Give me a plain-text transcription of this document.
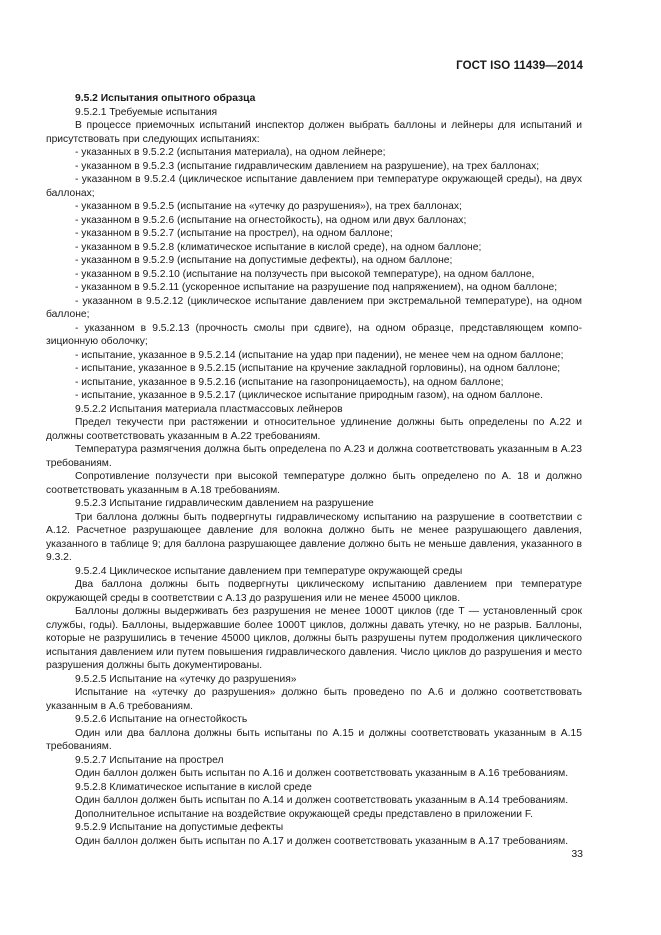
ГОСТ ISO 11439—2014

9.5.2 Испытания опытного образца

9.5.2.1 Требуемые испытания

В процессе приемочных испытаний инспектор должен выбрать баллоны и лейнеры для испытаний и присутствовать при следующих испытаниях:

- указанных в 9.5.2.2 (испытания материала), на одном лейнере;

- указанном в 9.5.2.3 (испытание гидравлическим давлением на разрушение), на трех баллонах;

- указанном в 9.5.2.4 (циклическое испытание давлением при температуре окружающей среды), на двух баллонах;

- указанном в 9.5.2.5 (испытание на «утечку до разрушения»), на трех баллонах;

- указанном в 9.5.2.6 (испытание на огнестойкость), на одном или двух баллонах;

- указанном в 9.5.2.7 (испытание на прострел), на одном баллоне;

- указанном в 9.5.2.8 (климатическое испытание в кислой среде), на одном баллоне;

- указанном в 9.5.2.9 (испытание на допустимые дефекты), на одном баллоне;

- указанном в 9.5.2.10 (испытание на ползучесть при высокой температуре), на одном баллоне,

- указанном в 9.5.2.11 (ускоренное испытание на разрушение под напряжением), на одном баллоне;

- указанном в 9.5.2.12 (циклическое испытание давлением при экстремальной температуре), на одном баллоне;

- указанном в 9.5.2.13 (прочность смолы при сдвиге), на одном образце, представляющем композиционную оболочку;

- испытание, указанное в 9.5.2.14 (испытание на удар при падении), не менее чем на одном баллоне;

- испытание, указанное в 9.5.2.15 (испытание на кручение закладной горловины), на одном баллоне;

- испытание, указанное в 9.5.2.16 (испытание на газопроницаемость), на одном баллоне;

- испытание, указанное в 9.5.2.17 (циклическое испытание природным газом), на одном баллоне.

9.5.2.2 Испытания материала пластмассовых лейнеров

Предел текучести при растяжении и относительное удлинение должны быть определены по А.22 и должны соответствовать указанным в А.22 требованиям.

Температура размягчения должна быть определена по А.23 и должна соответствовать указанным в А.23 требованиям.

Сопротивление ползучести при высокой температуре должно быть определено по А. 18 и должно соответствовать указанным в А.18 требованиям.

9.5.2.3 Испытание гидравлическим давлением на разрушение

Три баллона должны быть подвергнуты гидравлическому испытанию на разрушение в соответствии с А.12. Расчетное разрушающее давление для волокна должно быть не менее разрушающего давления, указанного в таблице 9; для баллона разрушающее давление должно быть не меньше давления, указанного в 9.3.2.

9.5.2.4 Циклическое испытание давлением при температуре окружающей среды

Два баллона должны быть подвергнуты циклическому испытанию давлением при температуре окружающей среды в соответствии с А.13 до разрушения или не менее 45000 циклов.

Баллоны должны выдерживать без разрушения не менее 1000T циклов (где T — установленный срок службы, годы). Баллоны, выдержавшие более 1000T циклов, должны давать утечку, но не разрыв. Баллоны, которые не разрушились в течение 45000 циклов, должны быть разрушены путем продолжения циклического испытания давлением или путем повышения гидравлического давления. Число циклов до разрушения и место разрушения должны быть документированы.

9.5.2.5 Испытание на «утечку до разрушения»

Испытание на «утечку до разрушения» должно быть проведено по А.6 и должно соответствовать указанным в А.6 требованиям.

9.5.2.6 Испытание на огнестойкость

Один или два баллона должны быть испытаны по А.15 и должны соответствовать указанным в А.15 требованиям.

9.5.2.7 Испытание на прострел

Один баллон должен быть испытан по А.16 и должен соответствовать указанным в А.16 требованиям.

9.5.2.8 Климатическое испытание в кислой среде

Один баллон должен быть испытан по А.14 и должен соответствовать указанным в А.14 требованиям.

Дополнительное испытание на воздействие окружающей среды представлено в приложении F.

9.5.2.9 Испытание на допустимые дефекты

Один баллон должен быть испытан по А.17 и должен соответствовать указанным в А.17 требованиям.

33
